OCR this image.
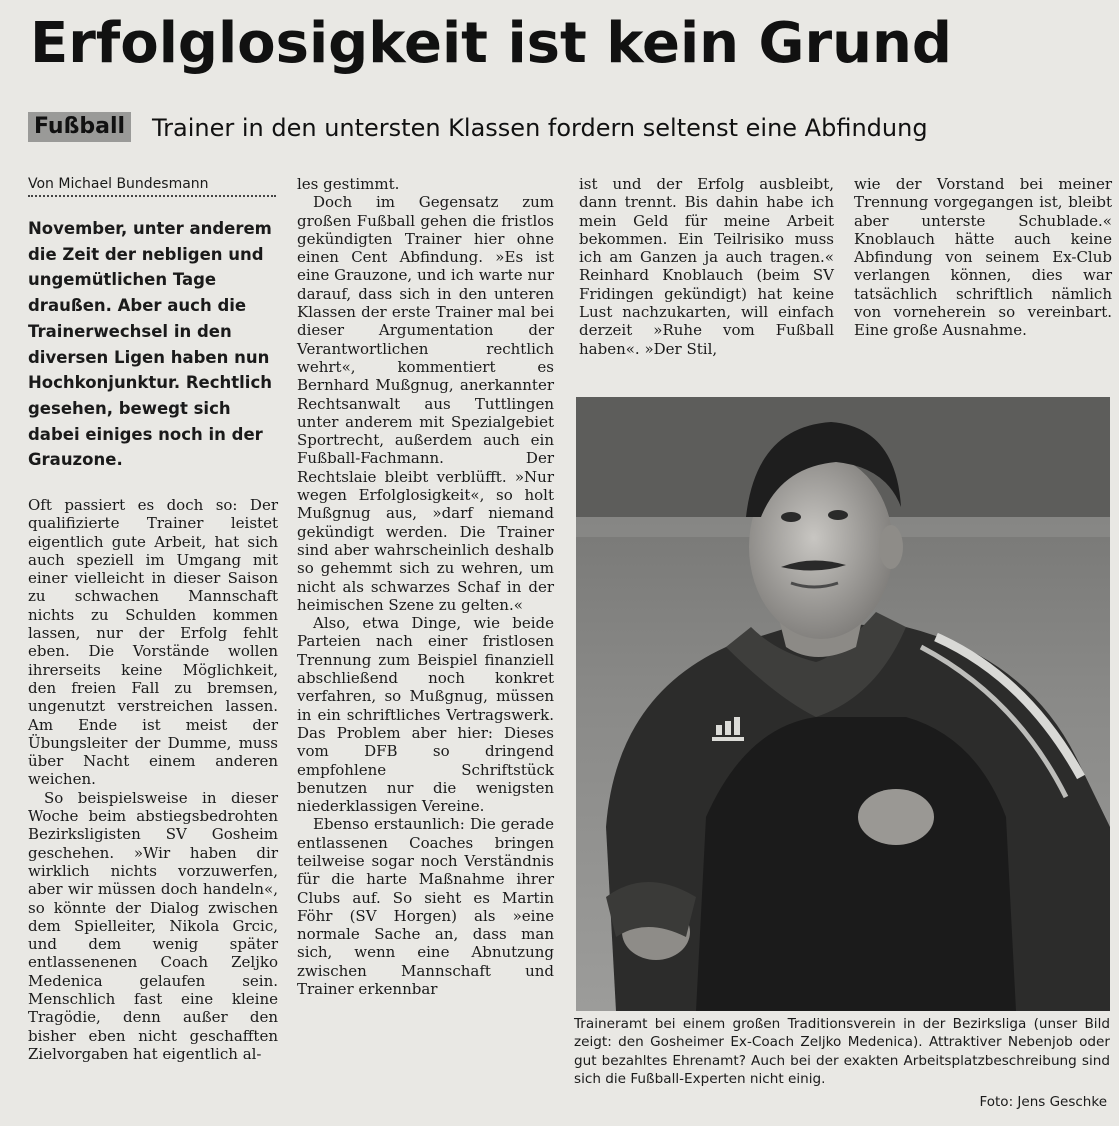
Erfolglosigkeit ist kein Grund
Fußball Trainer in den untersten Klassen fordern seltenst eine Abfindung
Von Michael Bundesmann

November, unter anderem die Zeit der nebligen und ungemütlichen Tage draußen. Aber auch die Trainerwechsel in den diversen Ligen haben nun Hochkonjunktur. Rechtlich gesehen, bewegt sich dabei einiges noch in der Grauzone.

Oft passiert es doch so: Der qualifizierte Trainer leistet eigentlich gute Arbeit, hat sich auch speziell im Umgang mit einer vielleicht in dieser Saison zu schwachen Mannschaft nichts zu Schulden kommen lassen, nur der Erfolg fehlt eben. Die Vorstände wollen ihrerseits keine Möglichkeit, den freien Fall zu bremsen, ungenutzt verstreichen lassen. Am Ende ist meist der Übungsleiter der Dumme, muss über Nacht einem anderen weichen.

So beispielsweise in dieser Woche beim abstiegsbedrohten Bezirksligisten SV Gosheim geschehen. »Wir haben dir wirklich nichts vorzuwerfen, aber wir müssen doch handeln«, so könnte der Dialog zwischen dem Spielleiter, Nikola Grcic, und dem wenig später entlassenenen Coach Zeljko Medenica gelaufen sein. Menschlich fast eine kleine Tragödie, denn außer den bisher eben nicht geschafften Zielvorgaben hat eigentlich al-

les gestimmt.

Doch im Gegensatz zum großen Fußball gehen die fristlos gekündigten Trainer hier ohne einen Cent Abfindung. »Es ist eine Grauzone, und ich warte nur darauf, dass sich in den unteren Klassen der erste Trainer mal bei dieser Argumentation der Verantwortlichen rechtlich wehrt«, kommentiert es Bernhard Mußgnug, anerkannter Rechtsanwalt aus Tuttlingen unter anderem mit Spezialgebiet Sportrecht, außerdem auch ein Fußball-Fachmann. Der Rechtslaie bleibt verblüfft. »Nur wegen Erfolglosigkeit«, so holt Mußgnug aus, »darf niemand gekündigt werden. Die Trainer sind aber wahrscheinlich deshalb so gehemmt sich zu wehren, um nicht als schwarzes Schaf in der heimischen Szene zu gelten.«

Also, etwa Dinge, wie beide Parteien nach einer fristlosen Trennung zum Beispiel finanziell abschließend noch konkret verfahren, so Mußgnug, müssen in ein schriftliches Vertragswerk. Das Problem aber hier: Dieses vom DFB so dringend empfohlene Schriftstück benutzen nur die wenigsten niederklassigen Vereine.

Ebenso erstaunlich: Die gerade entlassenen Coaches bringen teilweise sogar noch Verständnis für die harte Maßnahme ihrer Clubs auf. So sieht es Martin Föhr (SV Horgen) als »eine normale Sache an, dass man sich, wenn eine Abnutzung zwischen Mannschaft und Trainer erkennbar

ist und der Erfolg ausbleibt, dann trennt. Bis dahin habe ich mein Geld für meine Arbeit bekommen. Ein Teilrisiko muss ich am Ganzen ja auch tragen.« Reinhard Knoblauch (beim SV Fridingen gekündigt) hat keine Lust nachzukarten, will einfach derzeit »Ruhe vom Fußball haben«. »Der Stil,

wie der Vorstand bei meiner Trennung vorgegangen ist, bleibt aber unterste Schublade.« Knoblauch hätte auch keine Abfindung von seinem Ex-Club verlangen können, dies war tatsächlich schriftlich nämlich von vorneherein so vereinbart. Eine große Ausnahme.

Traineramt bei einem großen Traditionsverein in der Bezirksliga (unser Bild zeigt: den Gosheimer Ex-Coach Zeljko Medenica). Attraktiver Nebenjob oder gut bezahltes Ehrenamt? Auch bei der exakten Arbeitsplatzbeschreibung sind sich die Fußball-Experten nicht einig.
Foto: Jens Geschke
